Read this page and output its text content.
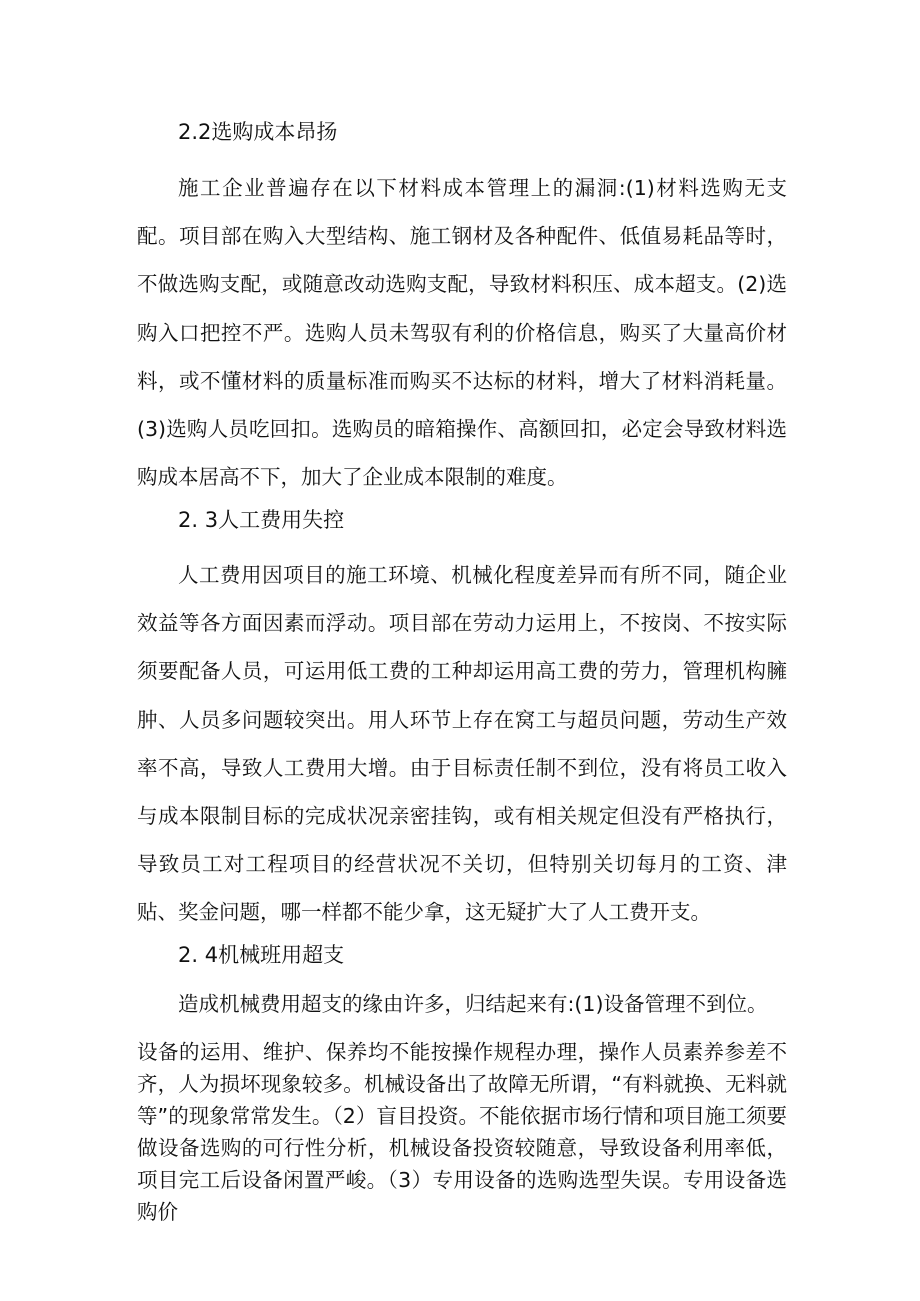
2.2选购成本昂扬

施工企业普遍存在以下材料成本管理上的漏洞:(1)材料选购无支配。项目部在购入大型结构、施工钢材及各种配件、低值易耗品等时，不做选购支配，或随意改动选购支配，导致材料积压、成本超支。(2)选购入口把控不严。选购人员未驾驭有利的价格信息，购买了大量高价材料，或不懂材料的质量标准而购买不达标的材料，增大了材料消耗量。(3)选购人员吃回扣。选购员的暗箱操作、高额回扣，必定会导致材料选购成本居高不下，加大了企业成本限制的难度。

2. 3人工费用失控

人工费用因项目的施工环境、机械化程度差异而有所不同，随企业效益等各方面因素而浮动。项目部在劳动力运用上，不按岗、不按实际须要配备人员，可运用低工费的工种却运用高工费的劳力，管理机构臃肿、人员多问题较突出。用人环节上存在窝工与超员问题，劳动生产效率不高，导致人工费用大增。由于目标责任制不到位，没有将员工收入与成本限制目标的完成状况亲密挂钩，或有相关规定但没有严格执行，导致员工对工程项目的经营状况不关切，但特别关切每月的工资、津贴、奖金问题，哪一样都不能少拿，这无疑扩大了人工费开支。

2. 4机械班用超支

造成机械费用超支的缘由许多，归结起来有:(1)设备管理不到位。

设备的运用、维护、保养均不能按操作规程办理，操作人员素养参差不齐，人为损坏现象较多。机械设备出了故障无所谓，“有料就换、无料就等”的现象常常发生。（2）盲目投资。不能依据市场行情和项目施工须要做设备选购的可行性分析，机械设备投资较随意，导致设备利用率低，项目完工后设备闲置严峻。（3）专用设备的选购选型失误。专用设备选购价
